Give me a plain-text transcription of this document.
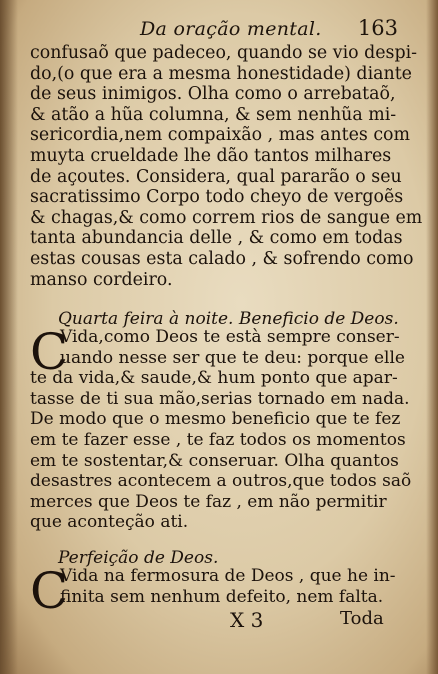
Da oração mental. 163
confusaõ que padeceo, quando se vio despi-
do,(o que era a mesma honestidade) diante
de seus inimigos. Olha como o arrebataõ,
& atão a hũa columna, & sem nenhũa mi-
sericordia,nem compaixão , mas antes com
muyta crueldade lhe dão tantos milhares
de açoutes. Considera, qual pararão o seu
sacratissimo Corpo todo cheyo de vergoẽs
& chagas,& como correm rios de sangue em
tanta abundancia delle , & como em todas
estas cousas esta calado , & sofrendo como
manso cordeiro.
Quarta feira à noite. Beneficio de Deos.
C
Vida,como Deos te està sempre conser-
uando nesse ser que te deu: porque elle
te da vida,& saude,& hum ponto que apar-
tasse de ti sua mão,serias tornado em nada.
De modo que o mesmo beneficio que te fez
em te fazer esse , te faz todos os momentos
em te sostentar,& conseruar. Olha quantos
desastres acontecem a outros,que todos saõ
merces que Deos te faz , em não permitir
que aconteção ati.
Perfeição de Deos.
C
Vida na fermosura de Deos , que he in-
finita sem nenhum defeito, nem falta.
X 3	Toda
